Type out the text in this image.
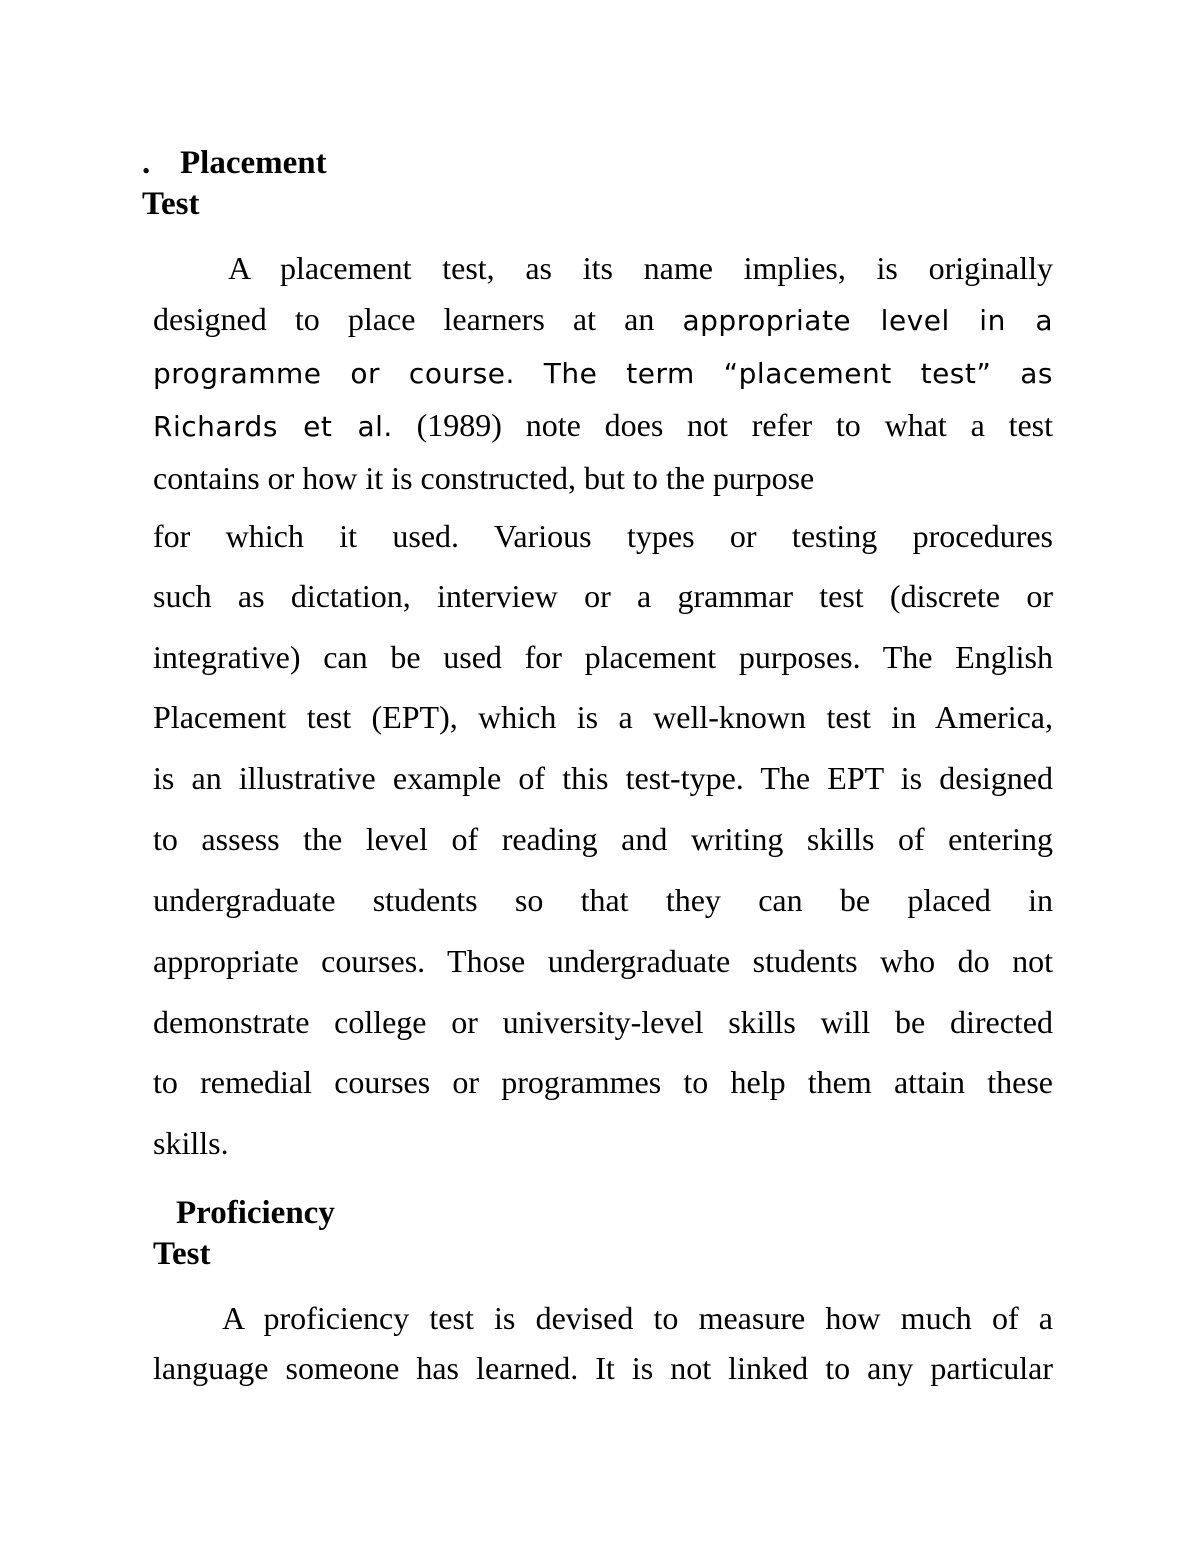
. Placement
Test
A placement test, as its name implies, is originally
designed to place learners at an appropriate level in a
programme or course. The term “placement test” as
Richards et al. (1989) note does not refer to what a test
contains or how it is constructed, but to the purpose
for which it used. Various types or testing procedures
such as dictation, interview or a grammar test (discrete or
integrative) can be used for placement purposes. The English
Placement test (EPT), which is a well-known test in America,
is an illustrative example of this test-type. The EPT is designed
to assess the level of reading and writing skills of entering
undergraduate students so that they can be placed in
appropriate courses. Those undergraduate students who do not
demonstrate college or university-level skills will be directed
to remedial courses or programmes to help them attain these
skills.
Proficiency
Test
A proficiency test is devised to measure how much of a
language someone has learned. It is not linked to any particular
